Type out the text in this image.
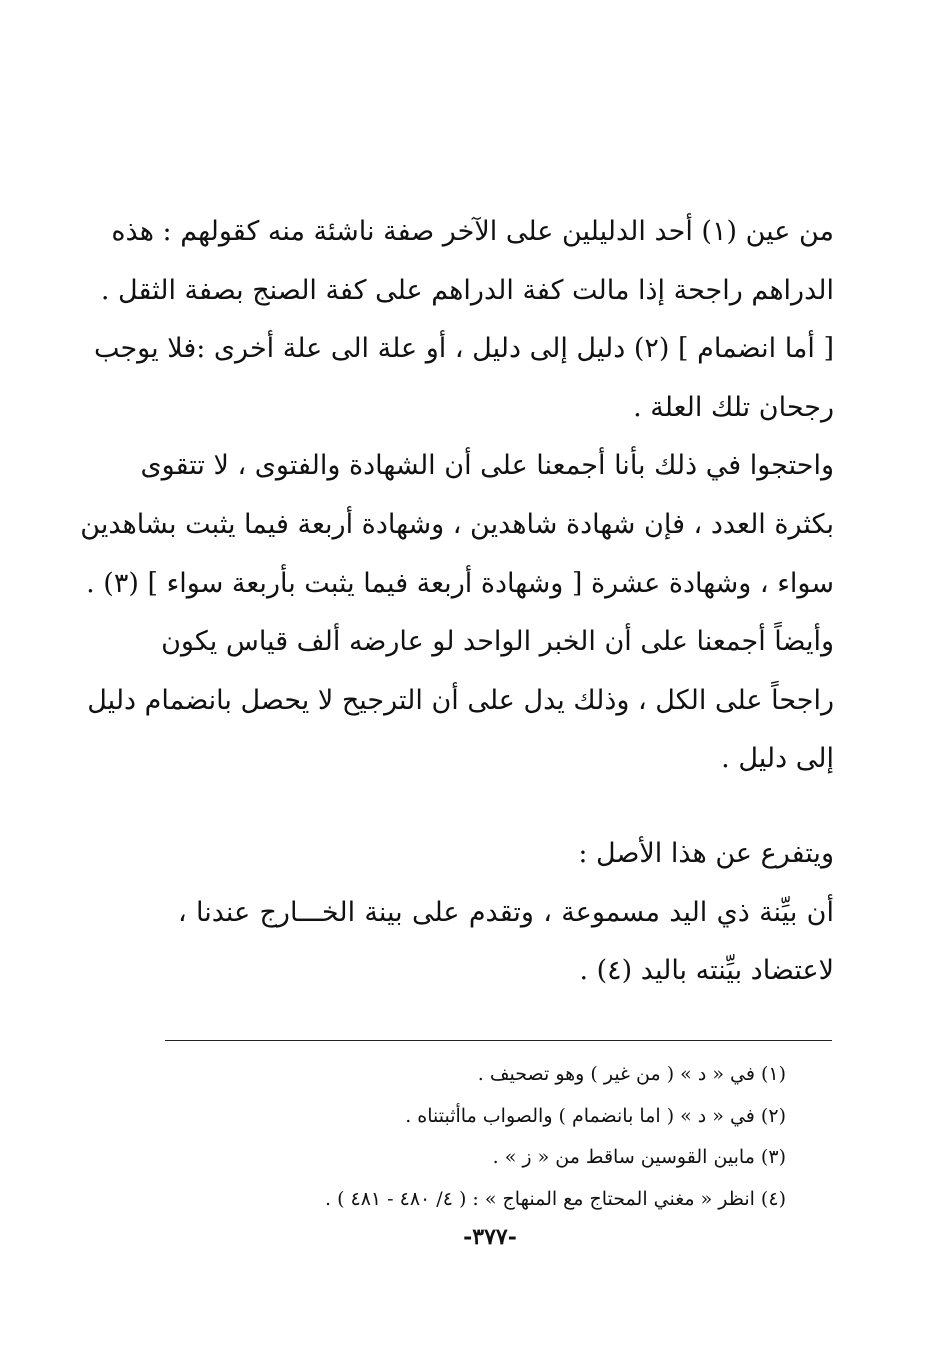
من عين (١) أحد الدليلين على الآخر صفة ناشئة منه كقولهم : هذه
الدراهم راجحة إذا مالت كفة الدراهم على كفة الصنج بصفة الثقل .
[ أما انضمام ] (٢) دليل إلى دليل ، أو علة الى علة أخرى :فلا يوجب
رجحان تلك العلة .
واحتجوا في ذلك بأنا أجمعنا على أن الشهادة والفتوى ، لا تتقوى
بكثرة العدد ، فإن شهادة شاهدين ، وشهادة أربعة فيما يثبت بشاهدين
سواء ، وشهادة عشرة [ وشهادة أربعة فيما يثبت بأربعة سواء ] (٣) .
وأيضاً أجمعنا على أن الخبر الواحد لو عارضه ألف قياس يكون
راجحاً على الكل ، وذلك يدل على أن الترجيح لا يحصل بانضمام دليل
إلى دليل .
ويتفرع عن هذا الأصل :
أن بيِّنة ذي اليد مسموعة ، وتقدم على بينة الخـــارج عندنا ،
لاعتضاد بيِّنته باليد (٤) .
(١) في « د » ( من غير ) وهو تصحيف .
(٢) في « د » ( اما بانضمام ) والصواب ماأثبتناه .
(٣) مابين القوسين ساقط من « ز » .
(٤) انظر « مغني المحتاج مع المنهاج » : ( ٤/ ٤٨٠ - ٤٨١ ) .
-٣٧٧-
